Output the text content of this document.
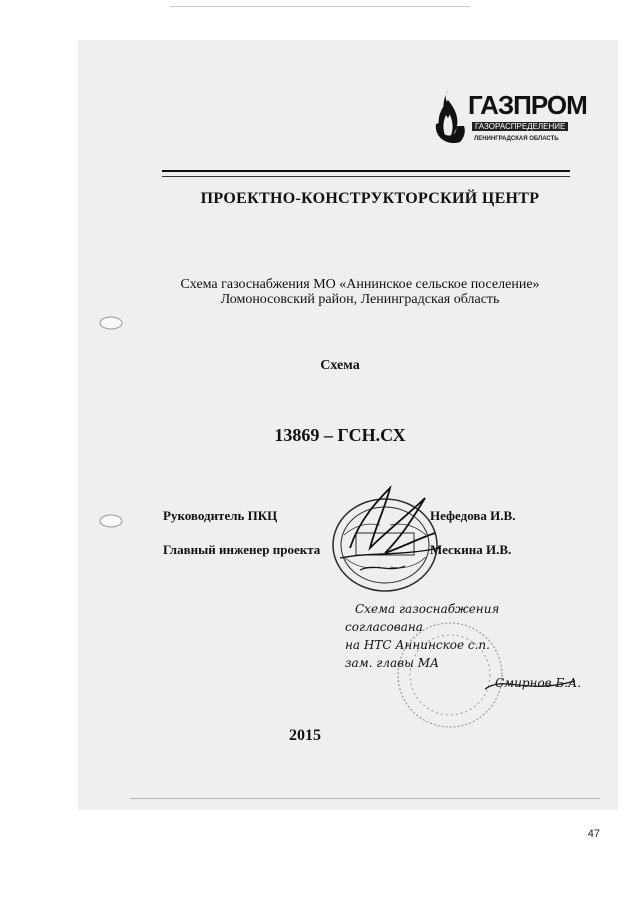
ГАЗПРОМ
ГАЗОРАСПРЕДЕЛЕНИЕ
ЛЕНИНГРАДСКАЯ ОБЛАСТЬ
ПРОЕКТНО-КОНСТРУКТОРСКИЙ ЦЕНТР
Схема газоснабжения МО «Аннинское сельское поселение»
Ломоносовский район, Ленинградская область
Схема
13869 – ГСН.СХ
Руководитель ПКЦ	Нефедова И.В.
Главный инженер проекта	Мескина И.В.
Схема газоснабжения
согласована
на НТС Аннинское с.п.
зам. главы МА
Смирнов Б.А.
2015
47
